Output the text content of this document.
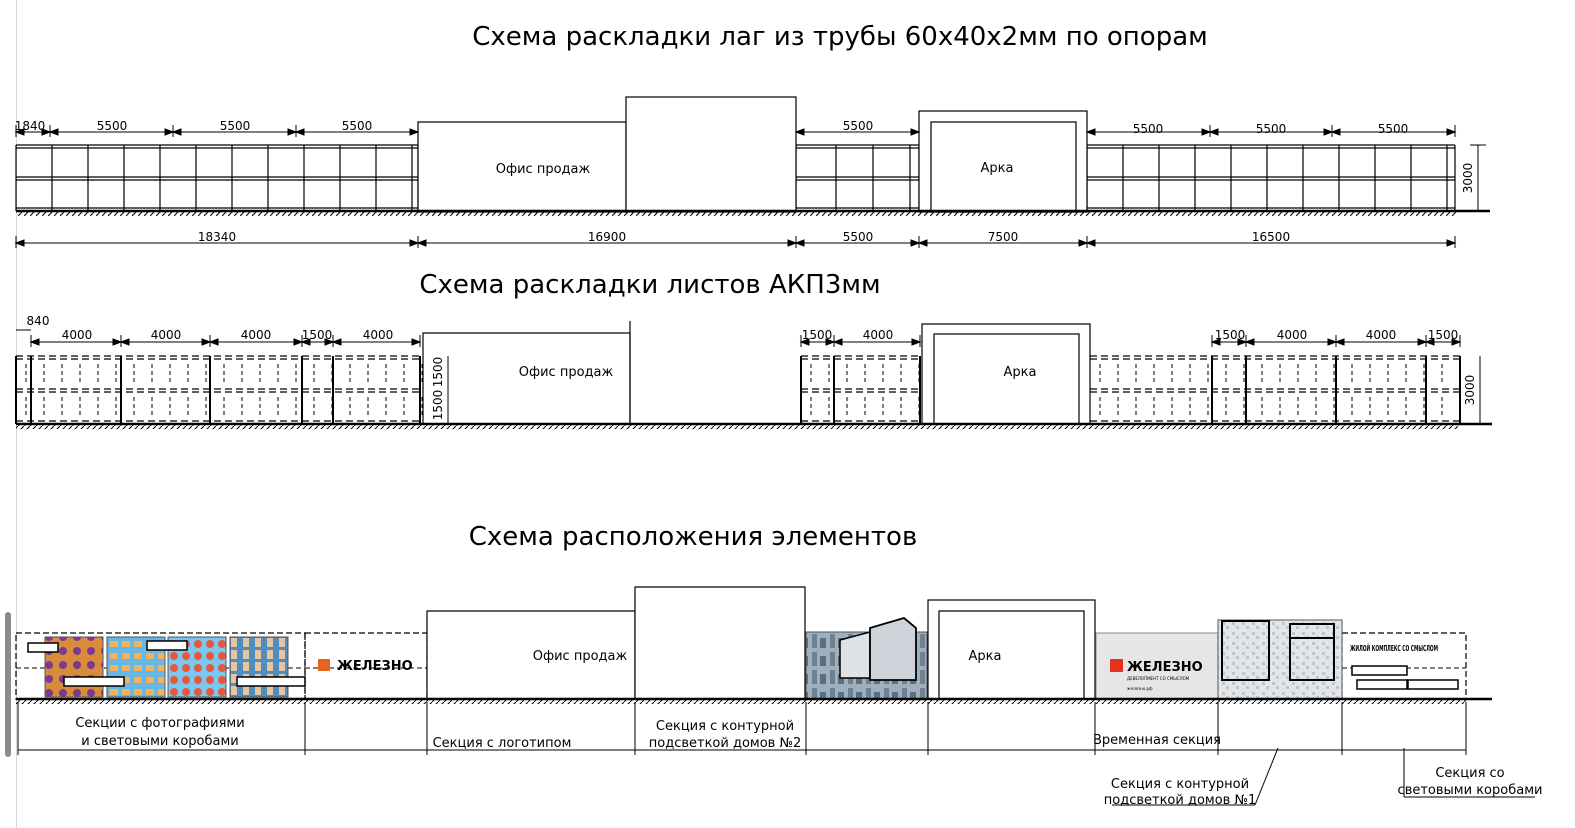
Схема раскладки лаг из трубы 60х40х2мм по опорам
Схема раскладки листов АКП3мм
Схема расположения элементов
Офис продаж	Арка
1840	5500	5500	5500	5500	5500	5500	5500
18340	16900	5500	7500	16500
3000
Офис продаж	Арка
840
4000	4000	4000	1500	4000	1500	4000	1500	4000	4000	1500
3000
1500
1500
Офис продаж	Арка
ЖЕЛЕЗНО	ЖЕЛЕЗНО
ДЕВЕЛОПМЕНТ СО СМЫСЛОМ
железно.рф
ЖИЛОЙ КОМПЛЕКС СО СМЫСЛОМ
Секции с фотографиями
и световыми коробами	Секция с логотипом
Секция с контурной
подсветкой домов №2	Временная секция
Секция с контурной
подсветкой домов №1
Секция со
световыми коробами
